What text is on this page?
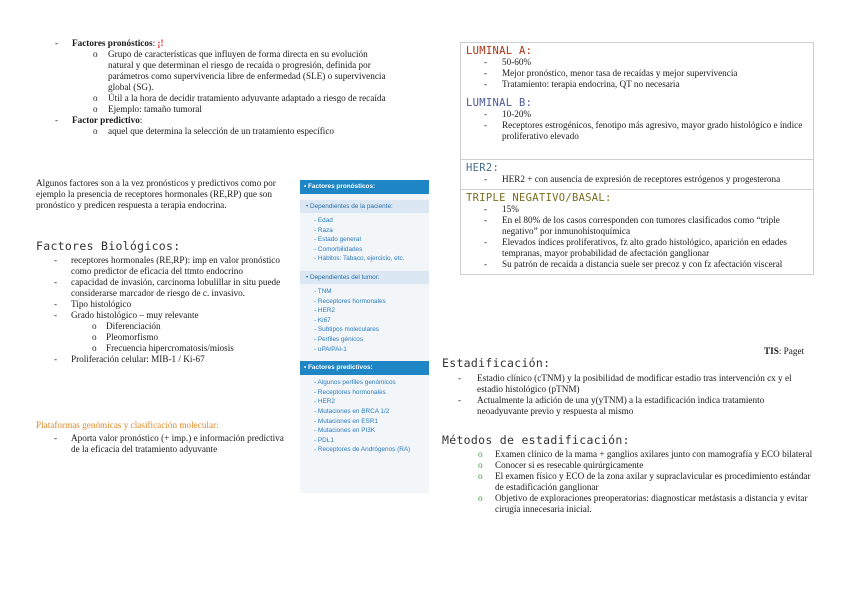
- Factores pronósticos: ¡!
o Grupo de características que influyen de forma directa en su evolución natural y que determinan el riesgo de recaída o progresión, definida por parámetros como supervivencia libre de enfermedad (SLE) o supervivencia global (SG).
o Útil a la hora de decidir tratamiento adyuvante adaptado a riesgo de recaída
o Ejemplo: tamaño tumoral
- Factor predictivo:
o aquel que determina la selección de un tratamiento específico
Algunos factores son a la vez pronósticos y predictivos como por ejemplo la presencia de receptores hormonales (RE,RP) que son pronóstico y predicen respuesta a terapia endocrina.
Factores Biológicos:
- receptores hormonales (RE,RP): imp en valor pronóstico como predictor de eficacia del ttmto endocrino
- capacidad de invasión, carcinoma lobulillar in situ puede considerarse marcador de riesgo de c. invasivo.
- Tipo histológico
- Grado histológico – muy relevante
o Diferenciación
o Pleomorfismo
o Frecuencia hipercromatosis/miosis
- Proliferación celular: MIB-1 / Ki-67
Plataformas genómicas y clasificación molecular:
- Aporta valor pronóstico (+ imp.) e información predictiva de la eficacia del tratamiento adyuvante
• Factores pronósticos:
• Dependientes de la paciente:
- Edad
- Raza
- Estado general
- Comorbilidades
- Hábitos: Tabaco, ejercicio, etc.
• Dependientes del tumor:
- TNM
- Receptores hormonales
- HER2
- Ki67
- Subtipos moleculares
- Perfiles génicos
- uPA/PAI-1
• Factores predictivos:
- Algunos perfiles genómicos
- Receptores hormonales
- HER2
- Mutaciones en BRCA 1/2
- Mutaciones en ESR1
- Mutaciones en PI3K
- PDL1
- Receptores de Andrógenos (RA)
LUMINAL A:
- 50-60%
- Mejor pronóstico, menor tasa de recaídas y mejor supervivencia
- Tratamiento: terapia endocrina, QT no necesaria
LUMINAL B:
- 10-20%
- Receptores estrogénicos, fenotipo más agresivo, mayor grado histológico e índice proliferativo elevado
HER2:
- HER2 + con ausencia de expresión de receptores estrógenos y progesterona
TRIPLE NEGATIVO/BASAL:
- 15%
- En el 80% de los casos corresponden con tumores clasificados como “triple negativo” por inmunohistoquímica
- Elevados índices proliferativos, fz alto grado histológico, aparición en edades tempranas, mayor probabilidad de afectación ganglionar
- Su patrón de recaída a distancia suele ser precoz y con fz afectación visceral
TIS: Paget
Estadificación:
- Estadio clínico (cTNM) y la posibilidad de modificar estadio tras intervención cx y el estadio histológico (pTNM)
- Actualmente la adición de una y(yTNM) a la estadificación indica tratamiento neoadyuvante previo y respuesta al mismo
Métodos de estadificación:
o Examen clínico de la mama + ganglios axilares junto con mamografía y ECO bilateral
o Conocer si es resecable quirúrgicamente
o El examen físico y ECO de la zona axilar y supraclavicular es procedimiento estándar de estadificación ganglionar
o Objetivo de exploraciones preoperatorias: diagnosticar metástasis a distancia y evitar cirugía innecesaria inicial.
